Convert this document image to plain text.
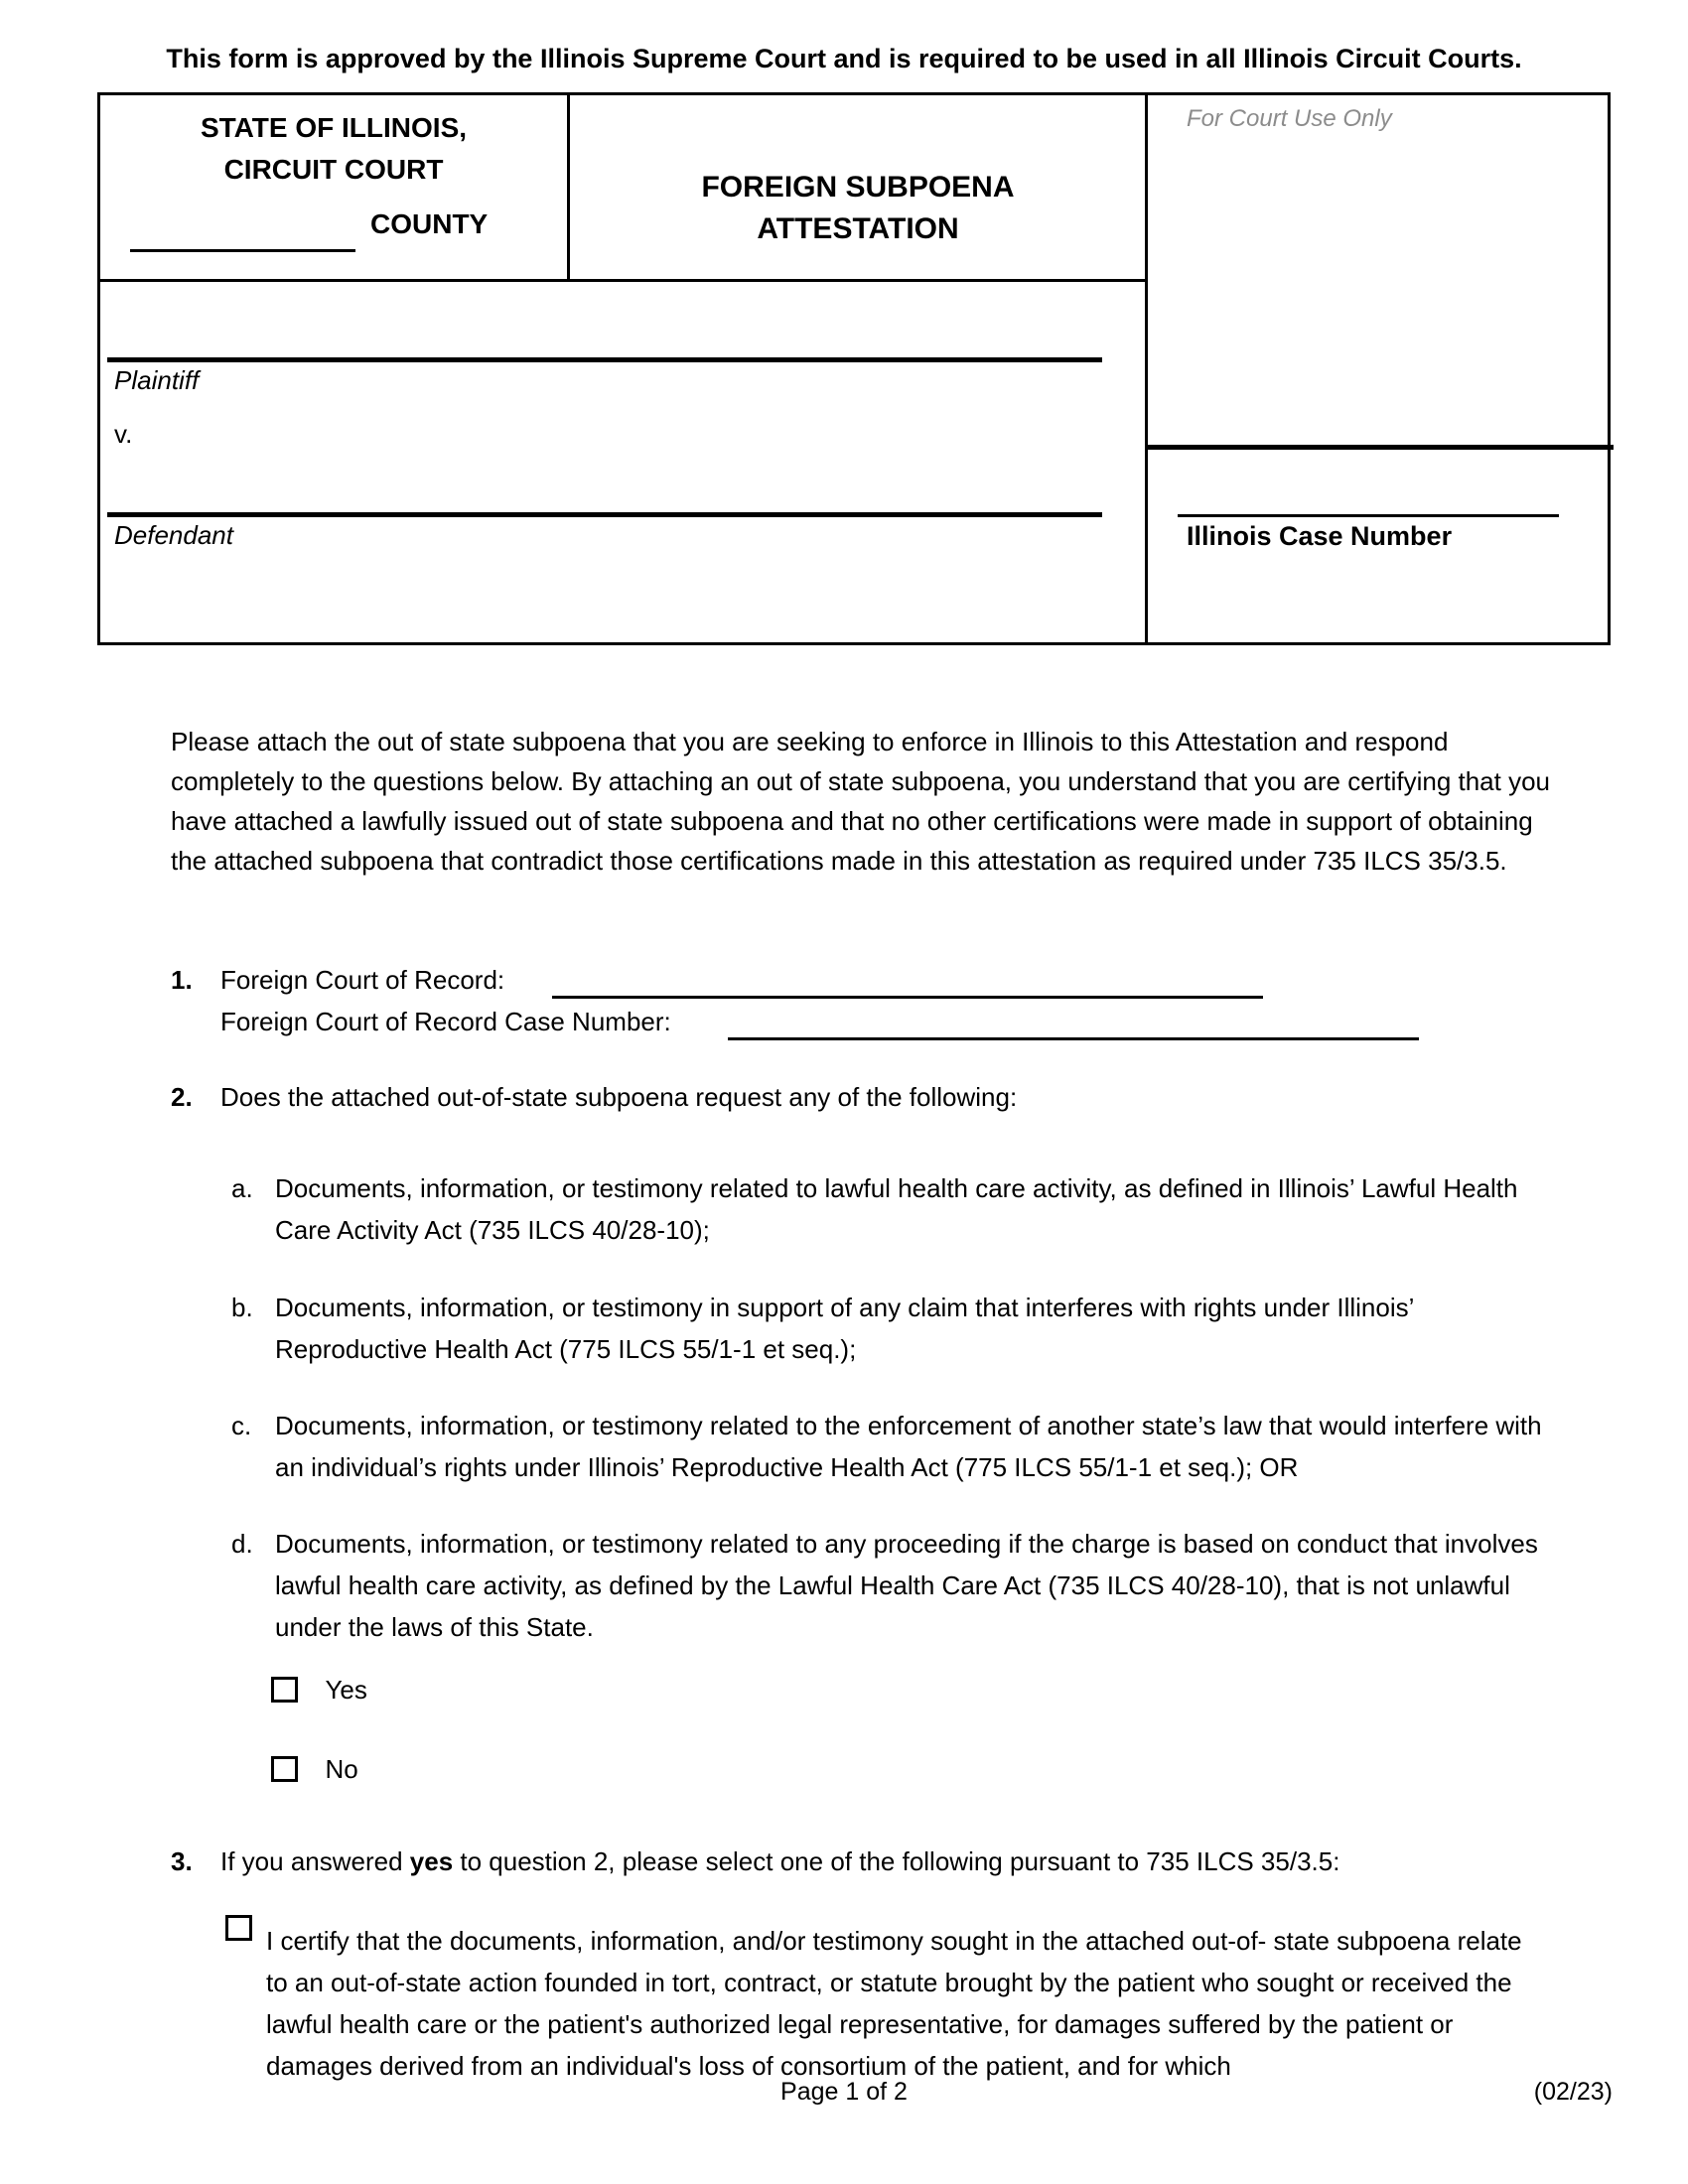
This form is approved by the Illinois Supreme Court and is required to be used in all Illinois Circuit Courts.
STATE OF ILLINOIS,
CIRCUIT COURT
COUNTY
FOREIGN SUBPOENA
ATTESTATION
For Court Use Only
Plaintiff
v.
Defendant	Illinois Case Number
Please attach the out of state subpoena that you are seeking to enforce in Illinois to this Attestation and respond completely to the questions below. By attaching an out of state subpoena, you understand that you are certifying that you have attached a lawfully issued out of state subpoena and that no other certifications were made in support of obtaining the attached subpoena that contradict those certifications made in this attestation as required under 735 ILCS 35/3.5.
1. Foreign Court of Record:
Foreign Court of Record Case Number:
2. Does the attached out-of-state subpoena request any of the following:
a. Documents, information, or testimony related to lawful health care activity, as defined in Illinois’ Lawful Health Care Activity Act (735 ILCS 40/28-10);
b. Documents, information, or testimony in support of any claim that interferes with rights under Illinois’ Reproductive Health Act (775 ILCS 55/1-1 et seq.);
c. Documents, information, or testimony related to the enforcement of another state’s law that would interfere with an individual’s rights under Illinois’ Reproductive Health Act (775 ILCS 55/1-1 et seq.); OR
d. Documents, information, or testimony related to any proceeding if the charge is based on conduct that involves lawful health care activity, as defined by the Lawful Health Care Act (735 ILCS 40/28-10), that is not unlawful under the laws of this State.
Yes
No
3. If you answered yes to question 2, please select one of the following pursuant to 735 ILCS 35/3.5:
I certify that the documents, information, and/or testimony sought in the attached out-of- state subpoena relate to an out-of-state action founded in tort, contract, or statute brought by the patient who sought or received the lawful health care or the patient's authorized legal representative, for damages suffered by the patient or damages derived from an individual's loss of consortium of the patient, and for which
Page 1 of 2	(02/23)
